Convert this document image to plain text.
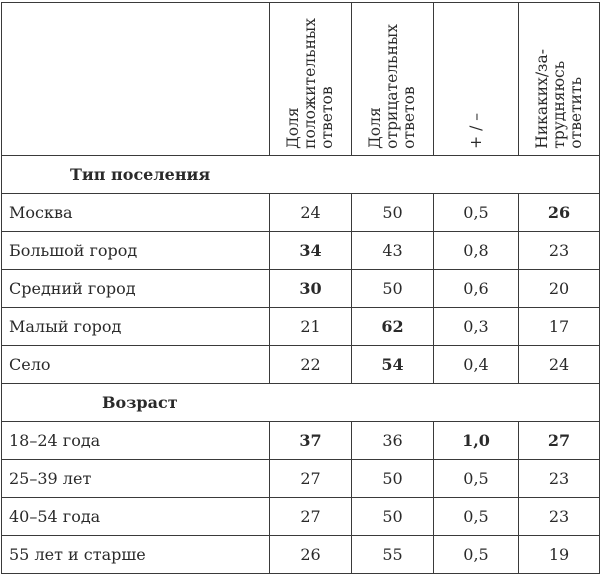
	Доля
положительных
ответов	Доля
отрицательных
ответов	+ / –	Никаких/за-
трудняюсь
ответить

Тип поселения				
Москва	24	50	0,5	26
Большой город	34	43	0,8	23
Средний город	30	50	0,6	20
Малый город	21	62	0,3	17
Село	22	54	0,4	24
Возраст				
18–24 года	37	36	1,0	27
25–39 лет	27	50	0,5	23
40–54 года	27	50	0,5	23
55 лет и старше	26	55	0,5	19
